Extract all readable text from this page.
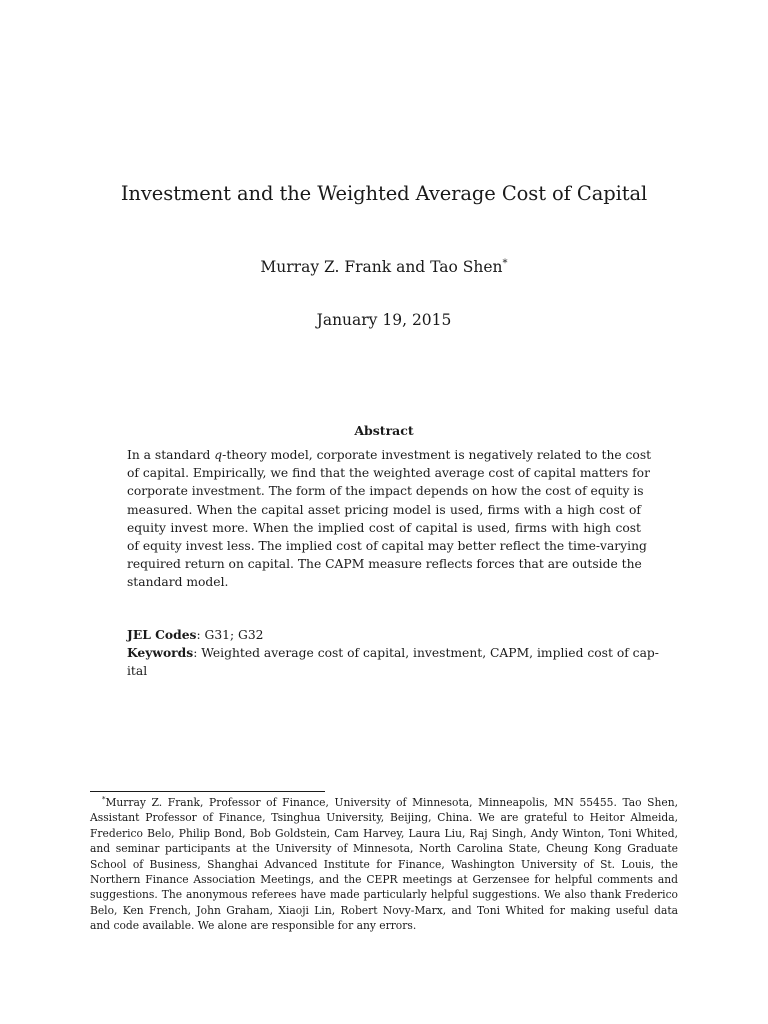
Investment and the Weighted Average Cost of Capital
Murray Z. Frank and Tao Shen*
January 19, 2015
Abstract
In a standard q-theory model, corporate investment is negatively related to the cost
of capital. Empirically, we find that the weighted average cost of capital matters for
corporate investment. The form of the impact depends on how the cost of equity is
measured. When the capital asset pricing model is used, firms with a high cost of
equity invest more. When the implied cost of capital is used, firms with high cost
of equity invest less. The implied cost of capital may better reflect the time-varying
required return on capital. The CAPM measure reflects forces that are outside the
standard model.
JEL Codes: G31; G32
Keywords: Weighted average cost of capital, investment, CAPM, implied cost of cap-
ital
*Murray Z. Frank, Professor of Finance, University of Minnesota, Minneapolis, MN 55455. Tao Shen,
Assistant Professor of Finance, Tsinghua University, Beijing, China. We are grateful to Heitor Almeida,
Frederico Belo, Philip Bond, Bob Goldstein, Cam Harvey, Laura Liu, Raj Singh, Andy Winton, Toni Whited,
and seminar participants at the University of Minnesota, North Carolina State, Cheung Kong Graduate
School of Business, Shanghai Advanced Institute for Finance, Washington University of St. Louis, the
Northern Finance Association Meetings, and the CEPR meetings at Gerzensee for helpful comments and
suggestions. The anonymous referees have made particularly helpful suggestions. We also thank Frederico
Belo, Ken French, John Graham, Xiaoji Lin, Robert Novy-Marx, and Toni Whited for making useful data
and code available. We alone are responsible for any errors.
